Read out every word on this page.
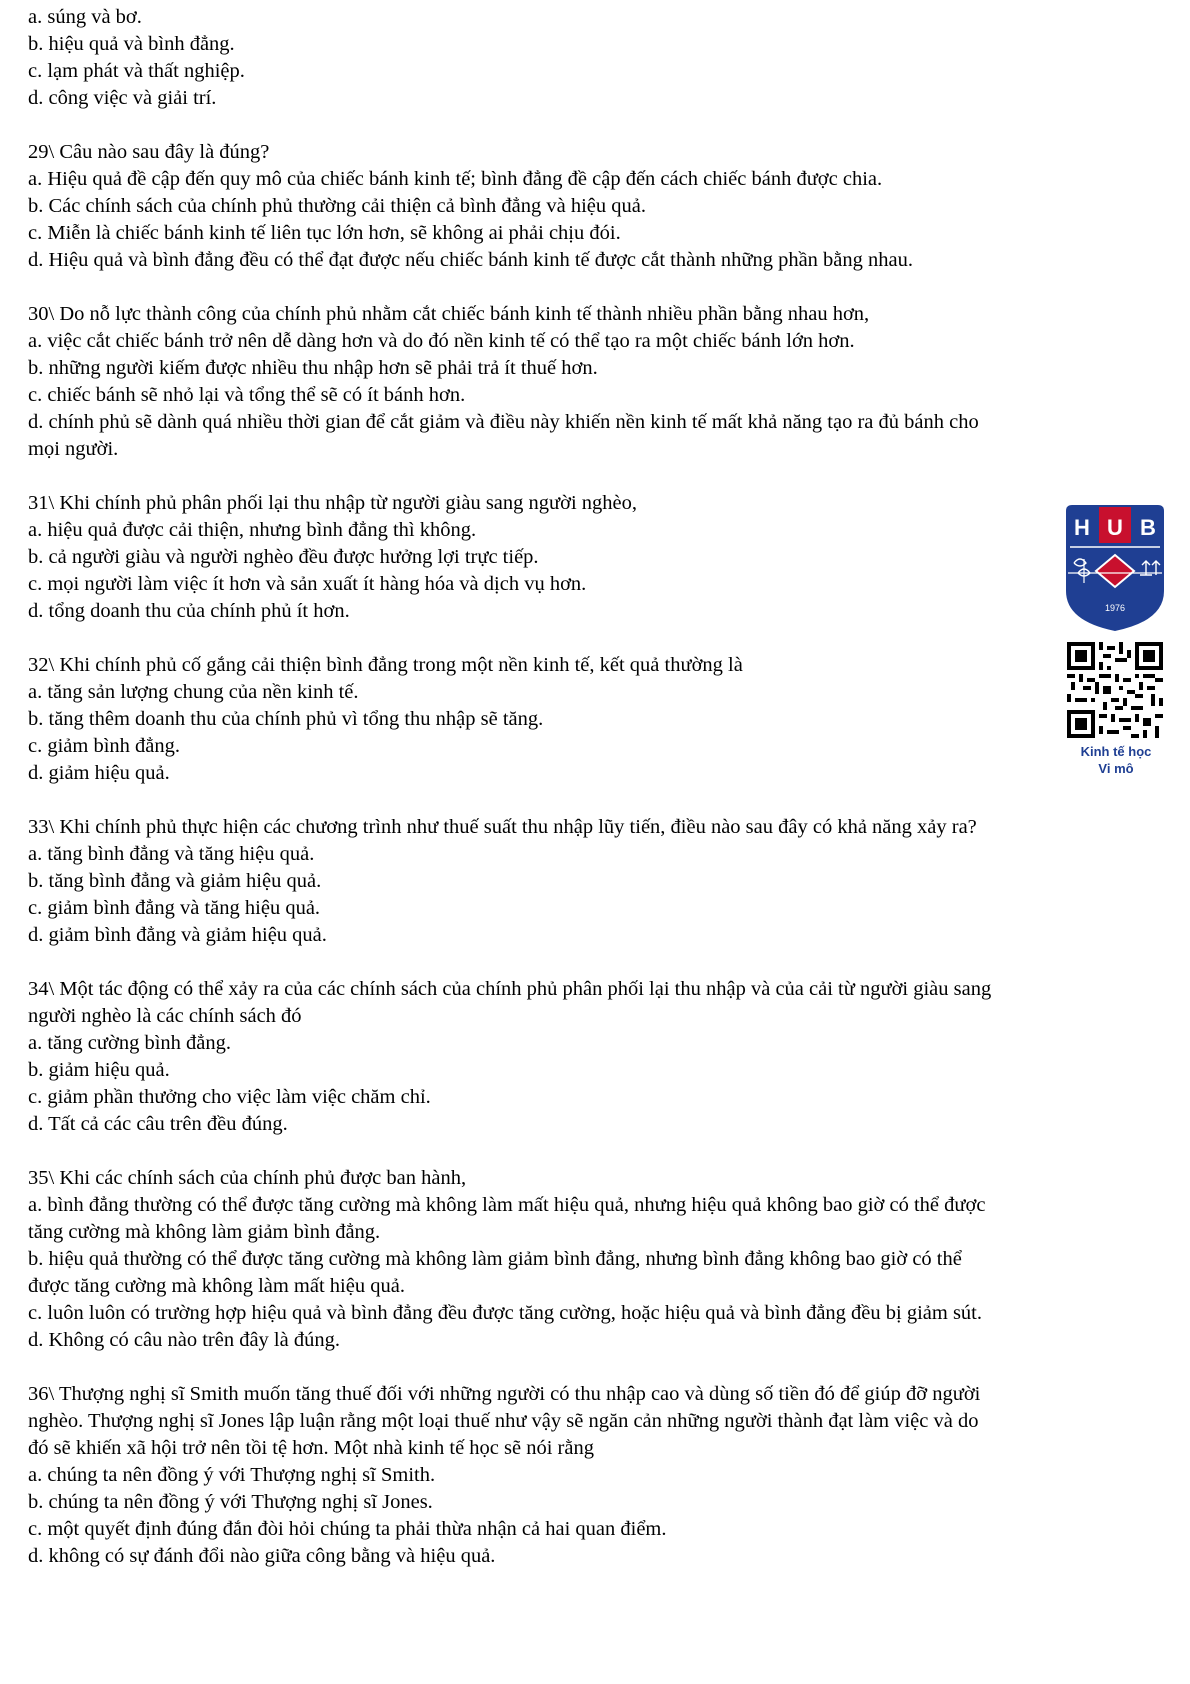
a. súng và bơ.
b. hiệu quả và bình đẳng.
c. lạm phát và thất nghiệp.
d. công việc và giải trí.
29\ Câu nào sau đây là đúng?
a. Hiệu quả đề cập đến quy mô của chiếc bánh kinh tế; bình đẳng đề cập đến cách chiếc bánh được chia.
b. Các chính sách của chính phủ thường cải thiện cả bình đẳng và hiệu quả.
c. Miễn là chiếc bánh kinh tế liên tục lớn hơn, sẽ không ai phải chịu đói.
d. Hiệu quả và bình đẳng đều có thể đạt được nếu chiếc bánh kinh tế được cắt thành những phần bằng nhau.
30\ Do nỗ lực thành công của chính phủ nhằm cắt chiếc bánh kinh tế thành nhiều phần bằng nhau hơn,
a. việc cắt chiếc bánh trở nên dễ dàng hơn và do đó nền kinh tế có thể tạo ra một chiếc bánh lớn hơn.
b. những người kiếm được nhiều thu nhập hơn sẽ phải trả ít thuế hơn.
c. chiếc bánh sẽ nhỏ lại và tổng thể sẽ có ít bánh hơn.
d. chính phủ sẽ dành quá nhiều thời gian để cắt giảm và điều này khiến nền kinh tế mất khả năng tạo ra đủ bánh cho
mọi người.
31\ Khi chính phủ phân phối lại thu nhập từ người giàu sang người nghèo,
a. hiệu quả được cải thiện, nhưng bình đẳng thì không.
b. cả người giàu và người nghèo đều được hưởng lợi trực tiếp.
c. mọi người làm việc ít hơn và sản xuất ít hàng hóa và dịch vụ hơn.
d. tổng doanh thu của chính phủ ít hơn.
32\ Khi chính phủ cố gắng cải thiện bình đẳng trong một nền kinh tế, kết quả thường là
a. tăng sản lượng chung của nền kinh tế.
b. tăng thêm doanh thu của chính phủ vì tổng thu nhập sẽ tăng.
c. giảm bình đẳng.
d. giảm hiệu quả.
33\ Khi chính phủ thực hiện các chương trình như thuế suất thu nhập lũy tiến, điều nào sau đây có khả năng xảy ra?
a. tăng bình đẳng và tăng hiệu quả.
b. tăng bình đẳng và giảm hiệu quả.
c. giảm bình đẳng và tăng hiệu quả.
d. giảm bình đẳng và giảm hiệu quả.
34\ Một tác động có thể xảy ra của các chính sách của chính phủ phân phối lại thu nhập và của cải từ người giàu sang
người nghèo là các chính sách đó
a. tăng cường bình đẳng.
b. giảm hiệu quả.
c. giảm phần thưởng cho việc làm việc chăm chỉ.
d. Tất cả các câu trên đều đúng.
35\ Khi các chính sách của chính phủ được ban hành,
a. bình đẳng thường có thể được tăng cường mà không làm mất hiệu quả, nhưng hiệu quả không bao giờ có thể được
tăng cường mà không làm giảm bình đẳng.
b. hiệu quả thường có thể được tăng cường mà không làm giảm bình đẳng, nhưng bình đẳng không bao giờ có thể
được tăng cường mà không làm mất hiệu quả.
c. luôn luôn có trường hợp hiệu quả và bình đẳng đều được tăng cường, hoặc hiệu quả và bình đẳng đều bị giảm sút.
d. Không có câu nào trên đây là đúng.
36\ Thượng nghị sĩ Smith muốn tăng thuế đối với những người có thu nhập cao và dùng số tiền đó để giúp đỡ người
nghèo. Thượng nghị sĩ Jones lập luận rằng một loại thuế như vậy sẽ ngăn cản những người thành đạt làm việc và do
đó sẽ khiến xã hội trở nên tồi tệ hơn. Một nhà kinh tế học sẽ nói rằng
a. chúng ta nên đồng ý với Thượng nghị sĩ Smith.
b. chúng ta nên đồng ý với Thượng nghị sĩ Jones.
c. một quyết định đúng đắn đòi hỏi chúng ta phải thừa nhận cả hai quan điểm.
d. không có sự đánh đổi nào giữa công bằng và hiệu quả.
H U B
1976
Kinh tế học
Vi mô
